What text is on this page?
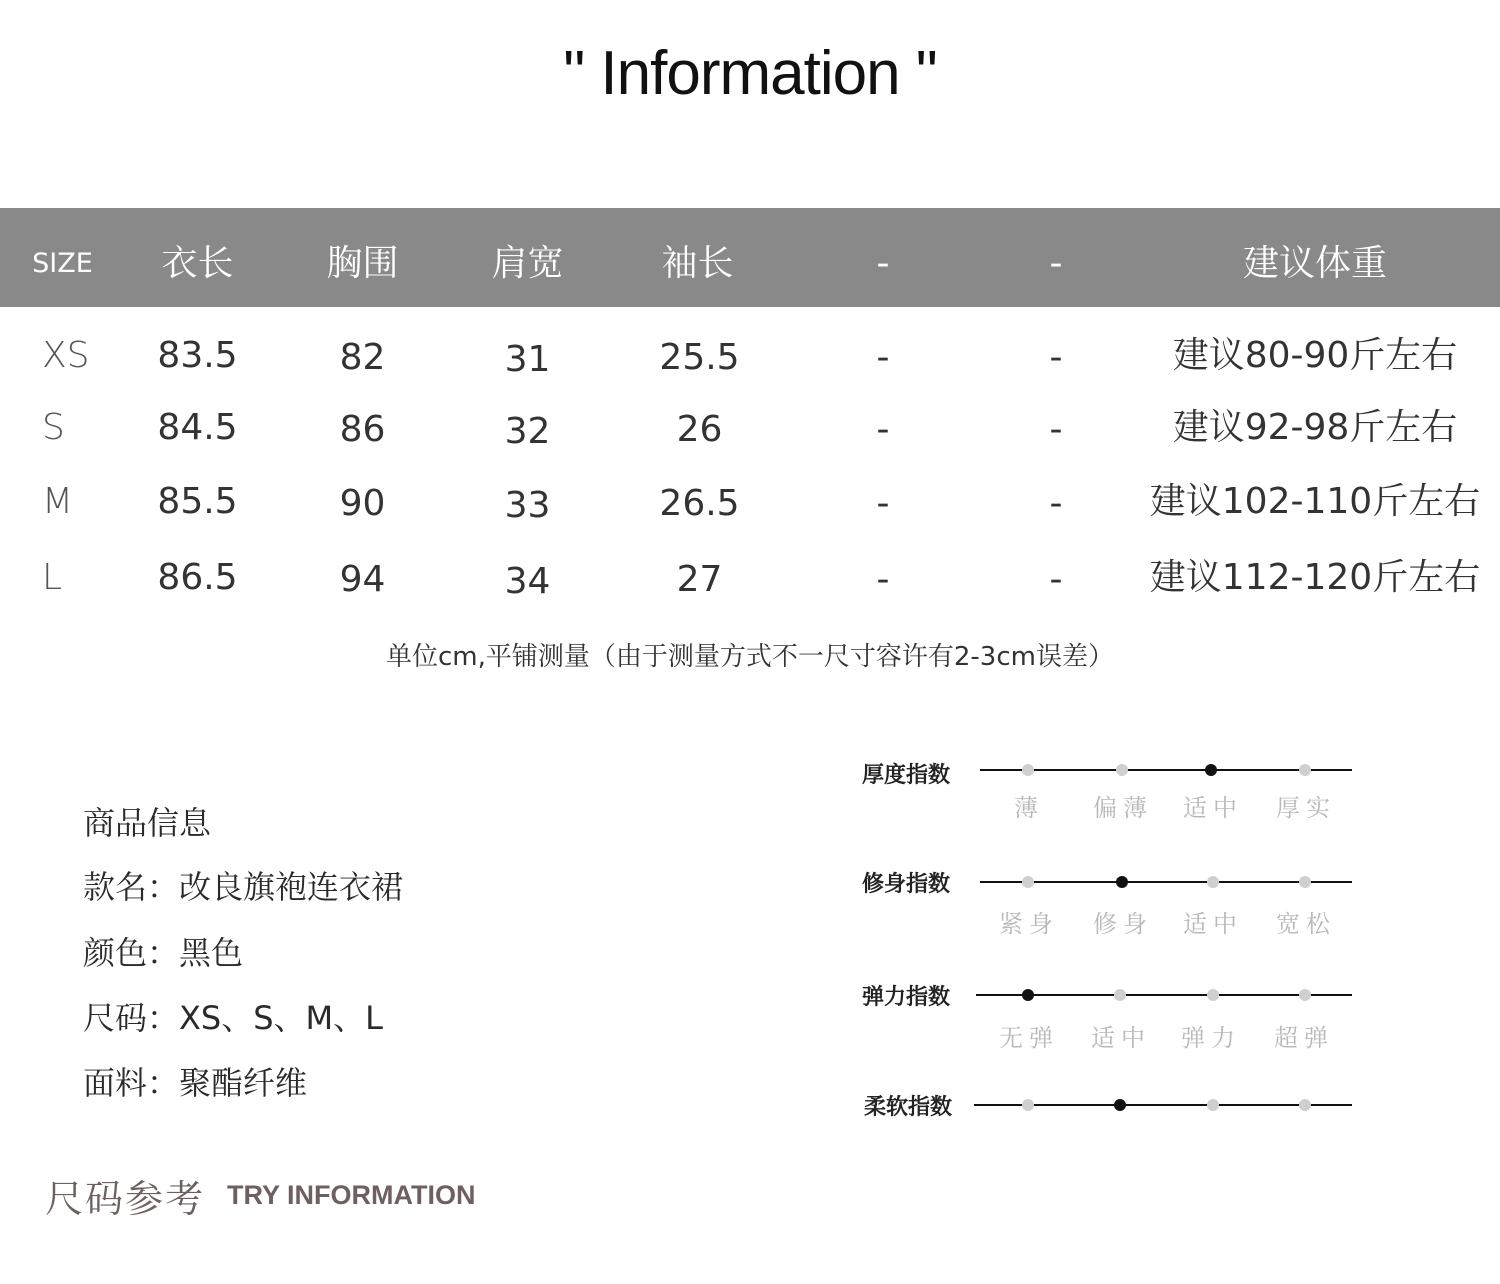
" Information "
SIZE	衣长	胸围	肩宽	袖长	-	-	建议体重
XS	83.5	82	31	25.5	-	-	建议80-90斤左右
S	84.5	86	32	26	-	-	建议92-98斤左右
M	85.5	90	33	26.5	-	-	建议102-110斤左右
L	86.5	94	34	27	-	-	建议112-120斤左右
单位cm,平铺测量（由于测量方式不一尺寸容许有2-3cm误差）
商品信息
款名：改良旗袍连衣裙
颜色：黑色
尺码：XS、S、M、L
面料：聚酯纤维
厚度指数
薄	偏薄	适中	厚实
修身指数
紧身	修身	适中	宽松
弹力指数
无弹	适中	弹力	超弹
柔软指数
尺码参考 TRY INFORMATION
